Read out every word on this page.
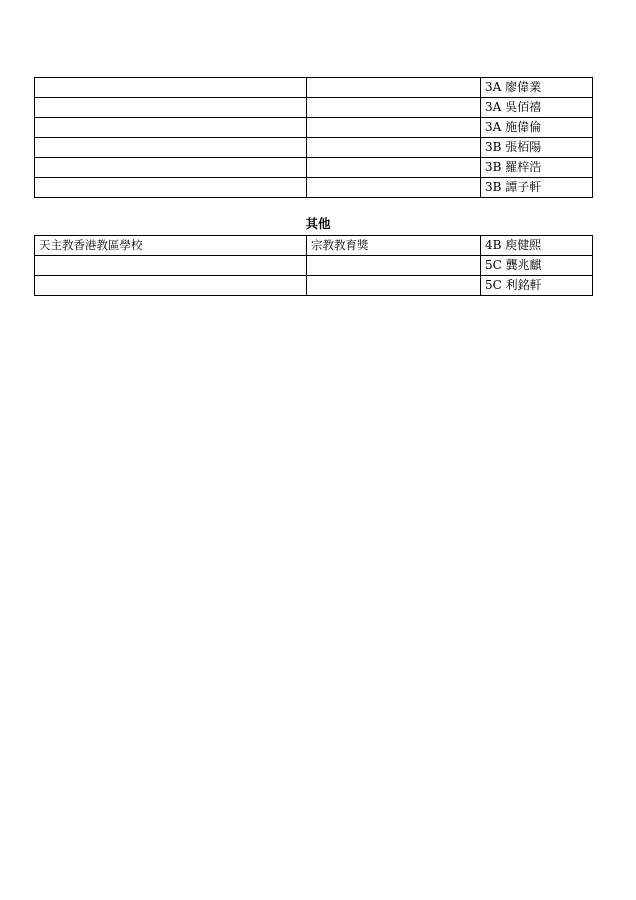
		3A 廖偉業
		3A 吳佰禧
		3A 施偉倫
		3B 張栢陽
		3B 羅梓浩
		3B 譚子軒
其他
天主教香港教區學校	宗教教育獎	4B 庾健熙
		5C 龔兆麒
		5C 利銘軒
